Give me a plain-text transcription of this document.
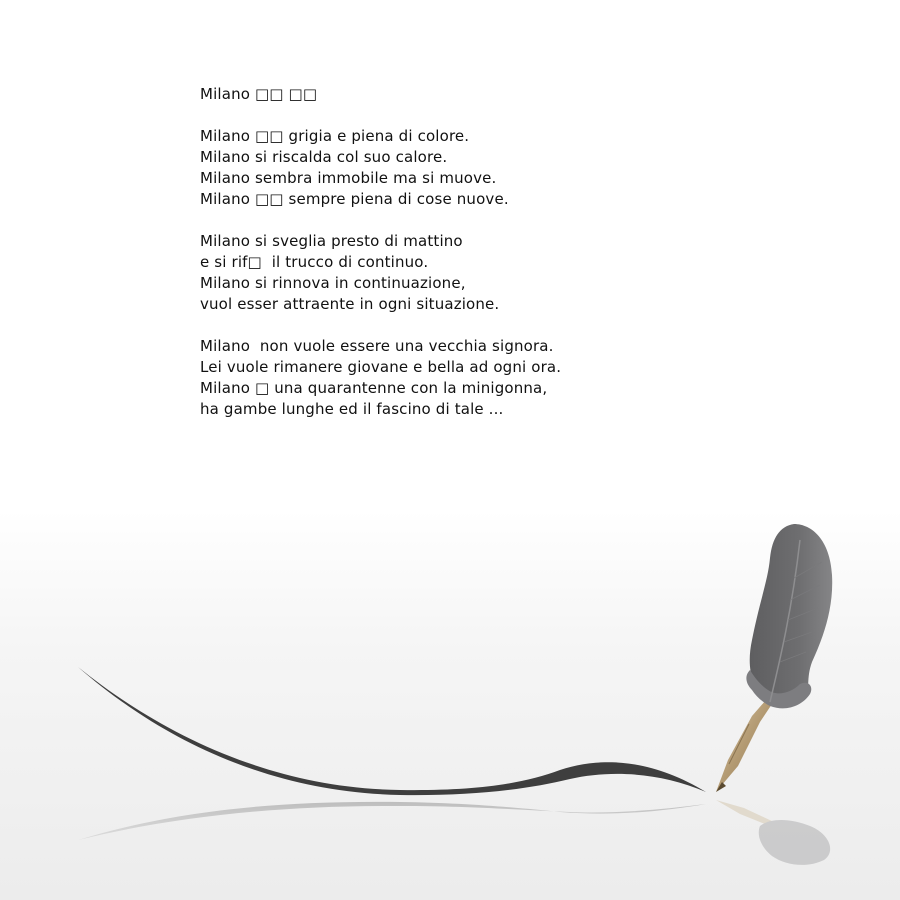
Milano □□ □□
Milano □□ grigia e piena di colore.
Milano si riscalda col suo calore.
Milano sembra immobile ma si muove.
Milano □□ sempre piena di cose nuove.
Milano si sveglia presto di mattino
e si rif□  il trucco di continuo.
Milano si rinnova in continuazione,
vuol esser attraente in ogni situazione.
Milano  non vuole essere una vecchia signora.
Lei vuole rimanere giovane e bella ad ogni ora.
Milano □ una quarantenne con la minigonna,
ha gambe lunghe ed il fascino di tale ...
